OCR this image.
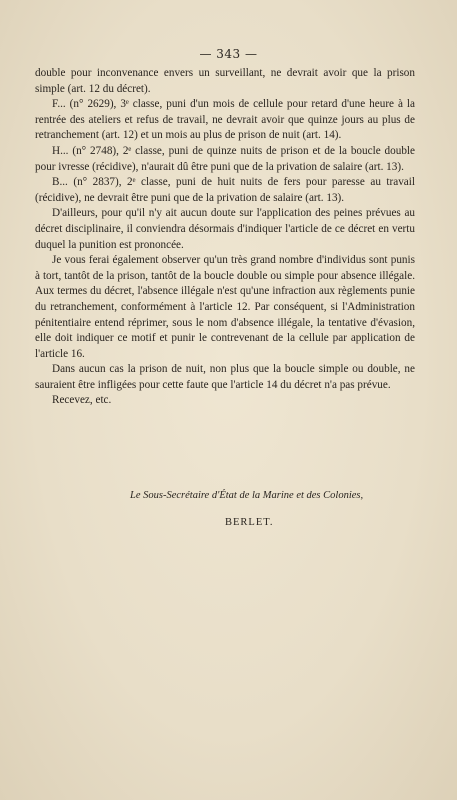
— 343 —

double pour inconvenance envers un surveillant, ne devrait avoir que la prison simple (art. 12 du décret).

F... (n° 2629), 3ᵉ classe, puni d'un mois de cellule pour retard d'une heure à la rentrée des ateliers et refus de travail, ne devrait avoir que quinze jours au plus de retranchement (art. 12) et un mois au plus de prison de nuit (art. 14).

H... (n° 2748), 2ᵉ classe, puni de quinze nuits de prison et de la boucle double pour ivresse (récidive), n'aurait dû être puni que de la privation de salaire (art. 13).

B... (n° 2837), 2ᵉ classe, puni de huit nuits de fers pour paresse au travail (récidive), ne devrait être puni que de la privation de salaire (art. 13).

D'ailleurs, pour qu'il n'y ait aucun doute sur l'application des peines prévues au décret disciplinaire, il conviendra désormais d'indiquer l'article de ce décret en vertu duquel la punition est prononcée.

Je vous ferai également observer qu'un très grand nombre d'individus sont punis à tort, tantôt de la prison, tantôt de la boucle double ou simple pour absence illégale. Aux termes du décret, l'absence illégale n'est qu'une infraction aux règlements punie du retranchement, conformément à l'article 12. Par conséquent, si l'Administration pénitentiaire entend réprimer, sous le nom d'absence illégale, la tentative d'évasion, elle doit indiquer ce motif et punir le contrevenant de la cellule par application de l'article 16.

Dans aucun cas la prison de nuit, non plus que la boucle simple ou double, ne sauraient être infligées pour cette faute que l'article 14 du décret n'a pas prévue.

Recevez, etc.

Le Sous-Secrétaire d'État de la Marine et des Colonies,
BERLET.
